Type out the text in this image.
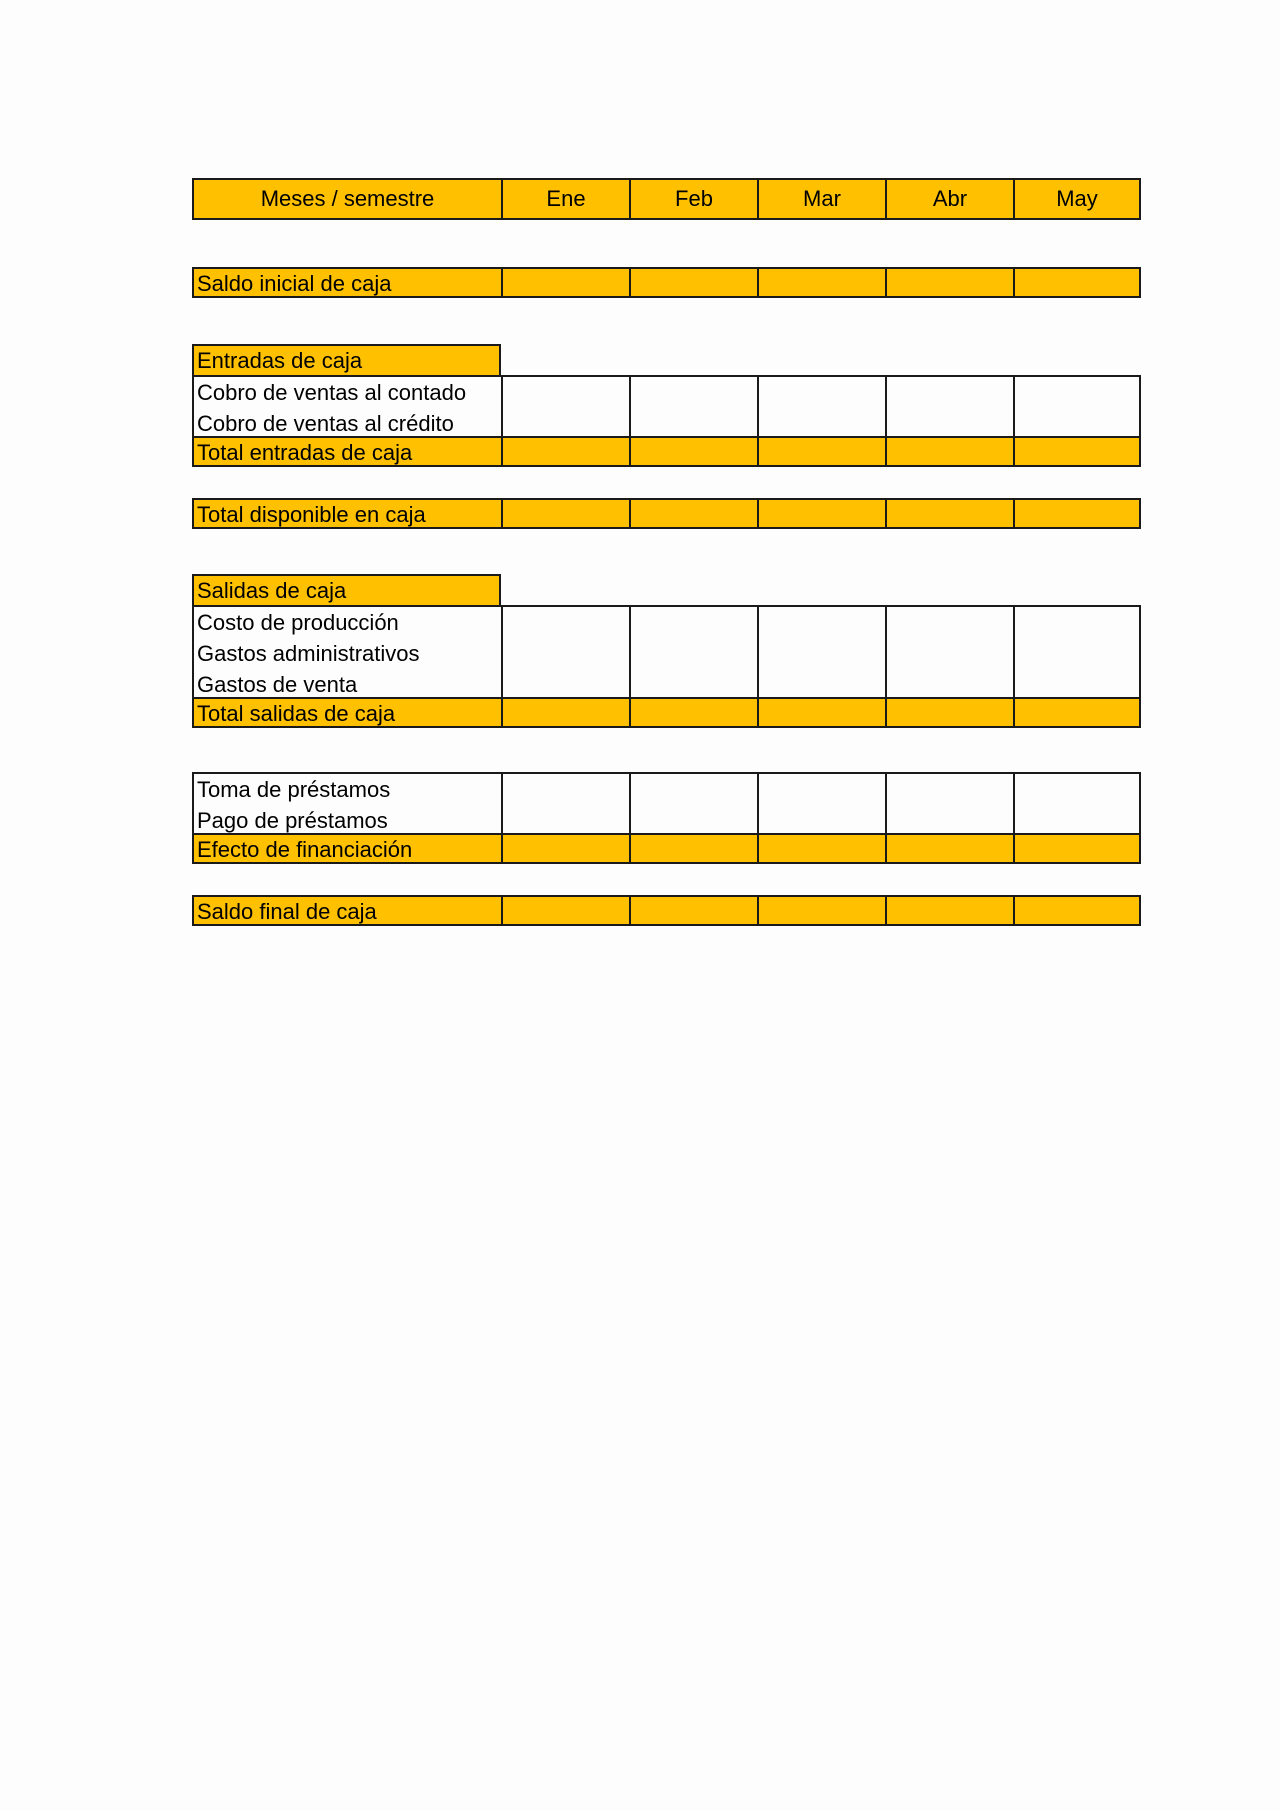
Meses / semestre	Ene	Feb	Mar	Abr	May
Saldo inicial de caja
Entradas de caja
Cobro de ventas al contado
Cobro de ventas al crédito
Total entradas de caja
Total disponible en caja
Salidas de caja
Costo de producción
Gastos administrativos
Gastos de venta
Total salidas de caja
Toma de préstamos
Pago de préstamos
Efecto de financiación
Saldo final de caja
